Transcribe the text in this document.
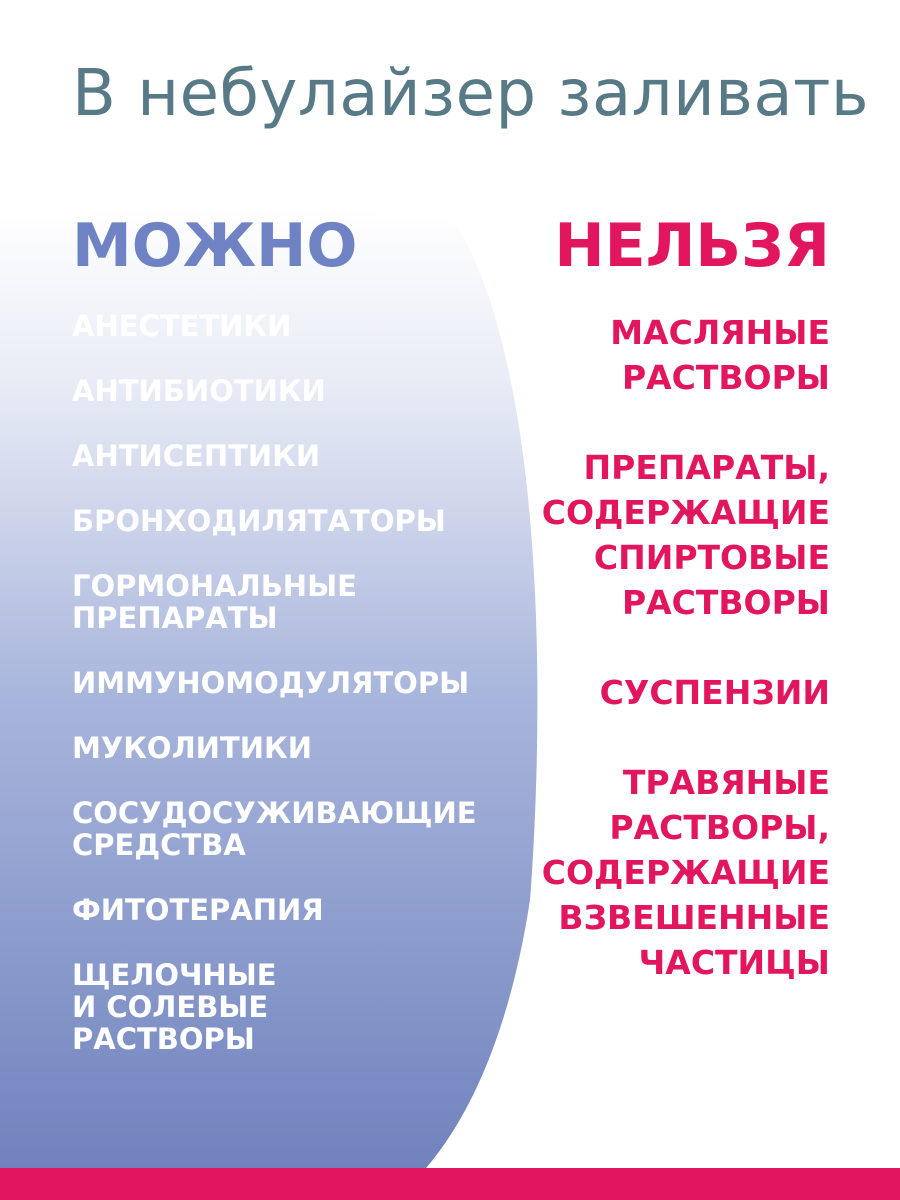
В небулайзер заливать
МОЖНО	НЕЛЬЗЯ
АНЕСТЕТИКИ
АНТИБИОТИКИ
АНТИСЕПТИКИ
БРОНХОДИЛЯТАТОРЫ
ГОРМОНАЛЬНЫЕ
ПРЕПАРАТЫ
ИММУНОМОДУЛЯТОРЫ
МУКОЛИТИКИ
СОСУДОСУЖИВАЮЩИЕ
СРЕДСТВА
ФИТОТЕРАПИЯ
ЩЕЛОЧНЫЕ
И СОЛЕВЫЕ
РАСТВОРЫ
МАСЛЯНЫЕ
РАСТВОРЫ
ПРЕПАРАТЫ,
СОДЕРЖАЩИЕ
СПИРТОВЫЕ
РАСТВОРЫ
СУСПЕНЗИИ
ТРАВЯНЫЕ
РАСТВОРЫ,
СОДЕРЖАЩИЕ
ВЗВЕШЕННЫЕ
ЧАСТИЦЫ
